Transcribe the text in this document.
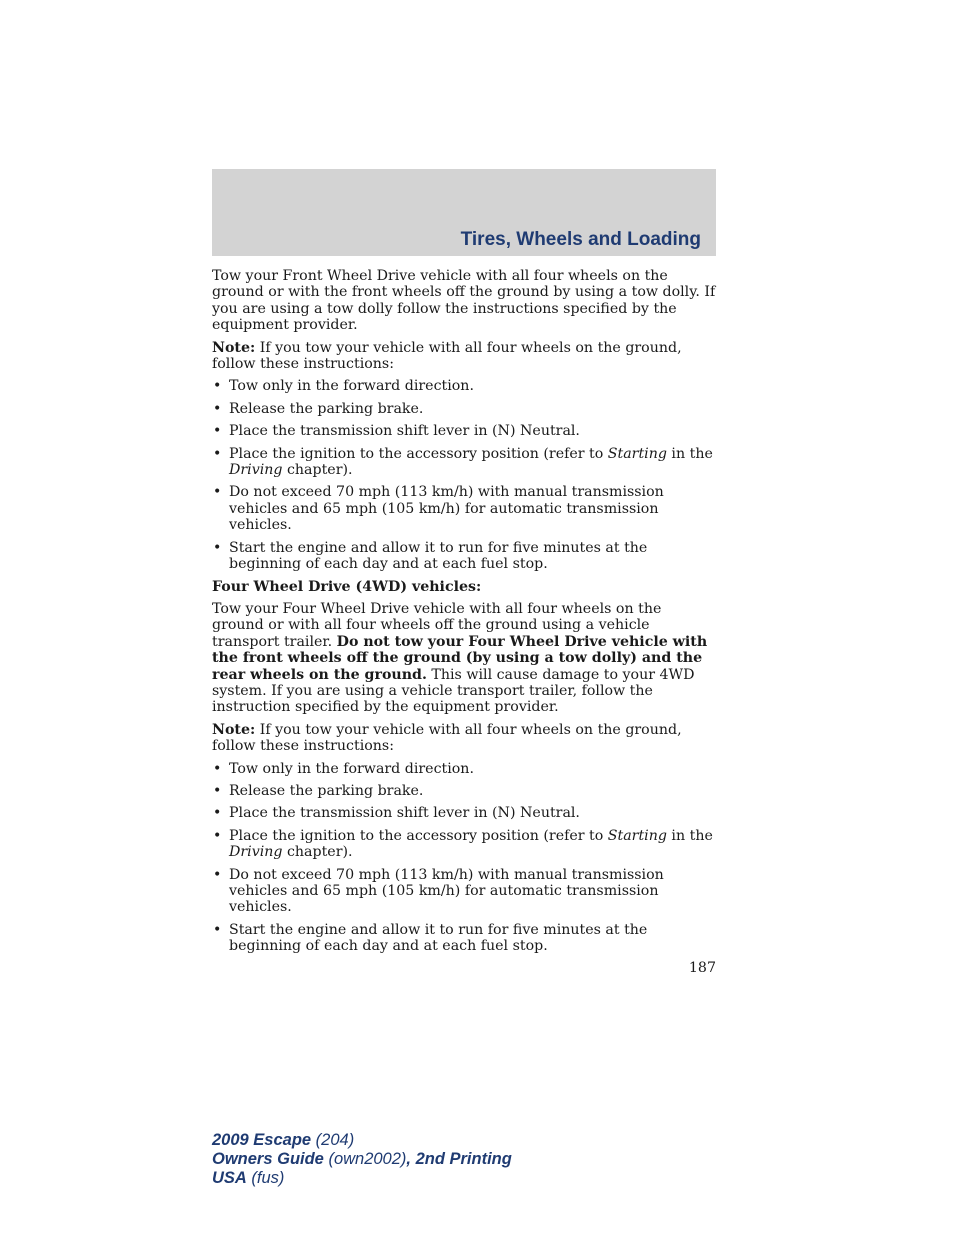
Tires, Wheels and Loading

Tow your Front Wheel Drive vehicle with all four wheels on the ground or with the front wheels off the ground by using a tow dolly. If you are using a tow dolly follow the instructions specified by the equipment provider.

Note: If you tow your vehicle with all four wheels on the ground, follow these instructions:

• Tow only in the forward direction.
• Release the parking brake.
• Place the transmission shift lever in (N) Neutral.
• Place the ignition to the accessory position (refer to Starting in the Driving chapter).
• Do not exceed 70 mph (113 km/h) with manual transmission vehicles and 65 mph (105 km/h) for automatic transmission vehicles.
• Start the engine and allow it to run for five minutes at the beginning of each day and at each fuel stop.

Four Wheel Drive (4WD) vehicles:

Tow your Four Wheel Drive vehicle with all four wheels on the ground or with all four wheels off the ground using a vehicle transport trailer. Do not tow your Four Wheel Drive vehicle with the front wheels off the ground (by using a tow dolly) and the rear wheels on the ground. This will cause damage to your 4WD system. If you are using a vehicle transport trailer, follow the instruction specified by the equipment provider.

Note: If you tow your vehicle with all four wheels on the ground, follow these instructions:

• Tow only in the forward direction.
• Release the parking brake.
• Place the transmission shift lever in (N) Neutral.
• Place the ignition to the accessory position (refer to Starting in the Driving chapter).
• Do not exceed 70 mph (113 km/h) with manual transmission vehicles and 65 mph (105 km/h) for automatic transmission vehicles.
• Start the engine and allow it to run for five minutes at the beginning of each day and at each fuel stop.
187
2009 Escape (204)
Owners Guide (own2002), 2nd Printing
USA (fus)
